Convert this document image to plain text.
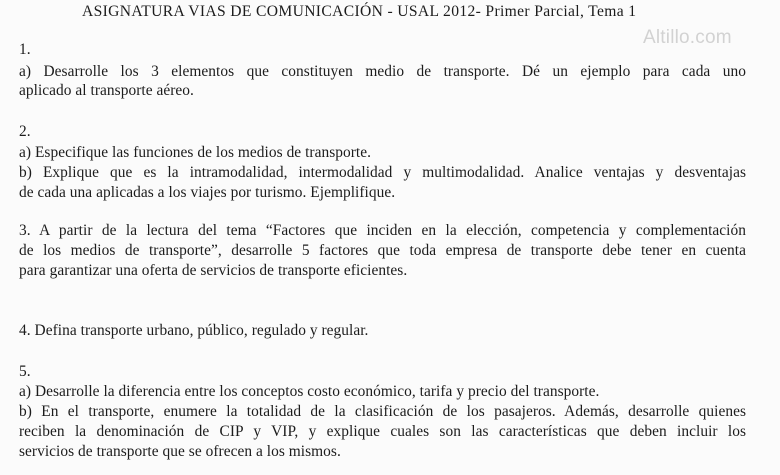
ASIGNATURA VIAS DE COMUNICACIÓN - USAL 2012- Primer Parcial, Tema 1
Altillo.com
1.
a) Desarrolle los 3 elementos que constituyen medio de transporte. Dé un ejemplo para cada uno
aplicado al transporte aéreo.
2.
a) Especifique las funciones de los medios de transporte.
b) Explique que es la intramodalidad, intermodalidad y multimodalidad. Analice ventajas y desventajas
de cada una aplicadas a los viajes por turismo. Ejemplifique.
3. A partir de la lectura del tema “Factores que inciden en la elección, competencia y complementación
de los medios de transporte”, desarrolle 5 factores que toda empresa de transporte debe tener en cuenta
para garantizar una oferta de servicios de transporte eficientes.
4. Defina transporte urbano, público, regulado y regular.
5.
a) Desarrolle la diferencia entre los conceptos costo económico, tarifa y precio del transporte.
b) En el transporte, enumere la totalidad de la clasificación de los pasajeros. Además, desarrolle quienes
reciben la denominación de CIP y VIP, y explique cuales son las características que deben incluir los
servicios de transporte que se ofrecen a los mismos.
